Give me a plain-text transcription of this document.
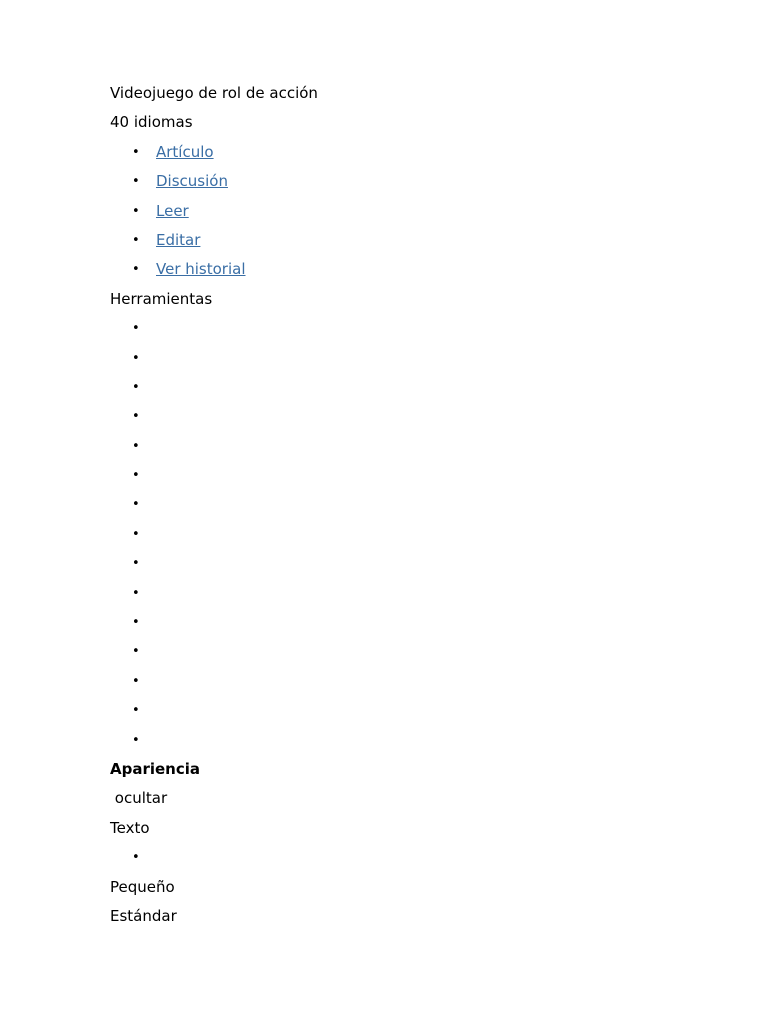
Videojuego de rol de acción
40 idiomas
• Artículo
• Discusión
• Leer
• Editar
• Ver historial
Herramientas
•
•
•
•
•
•
•
•
•
•
•
•
•
•
•
Apariencia
ocultar
Texto
•
Pequeño
Estándar
